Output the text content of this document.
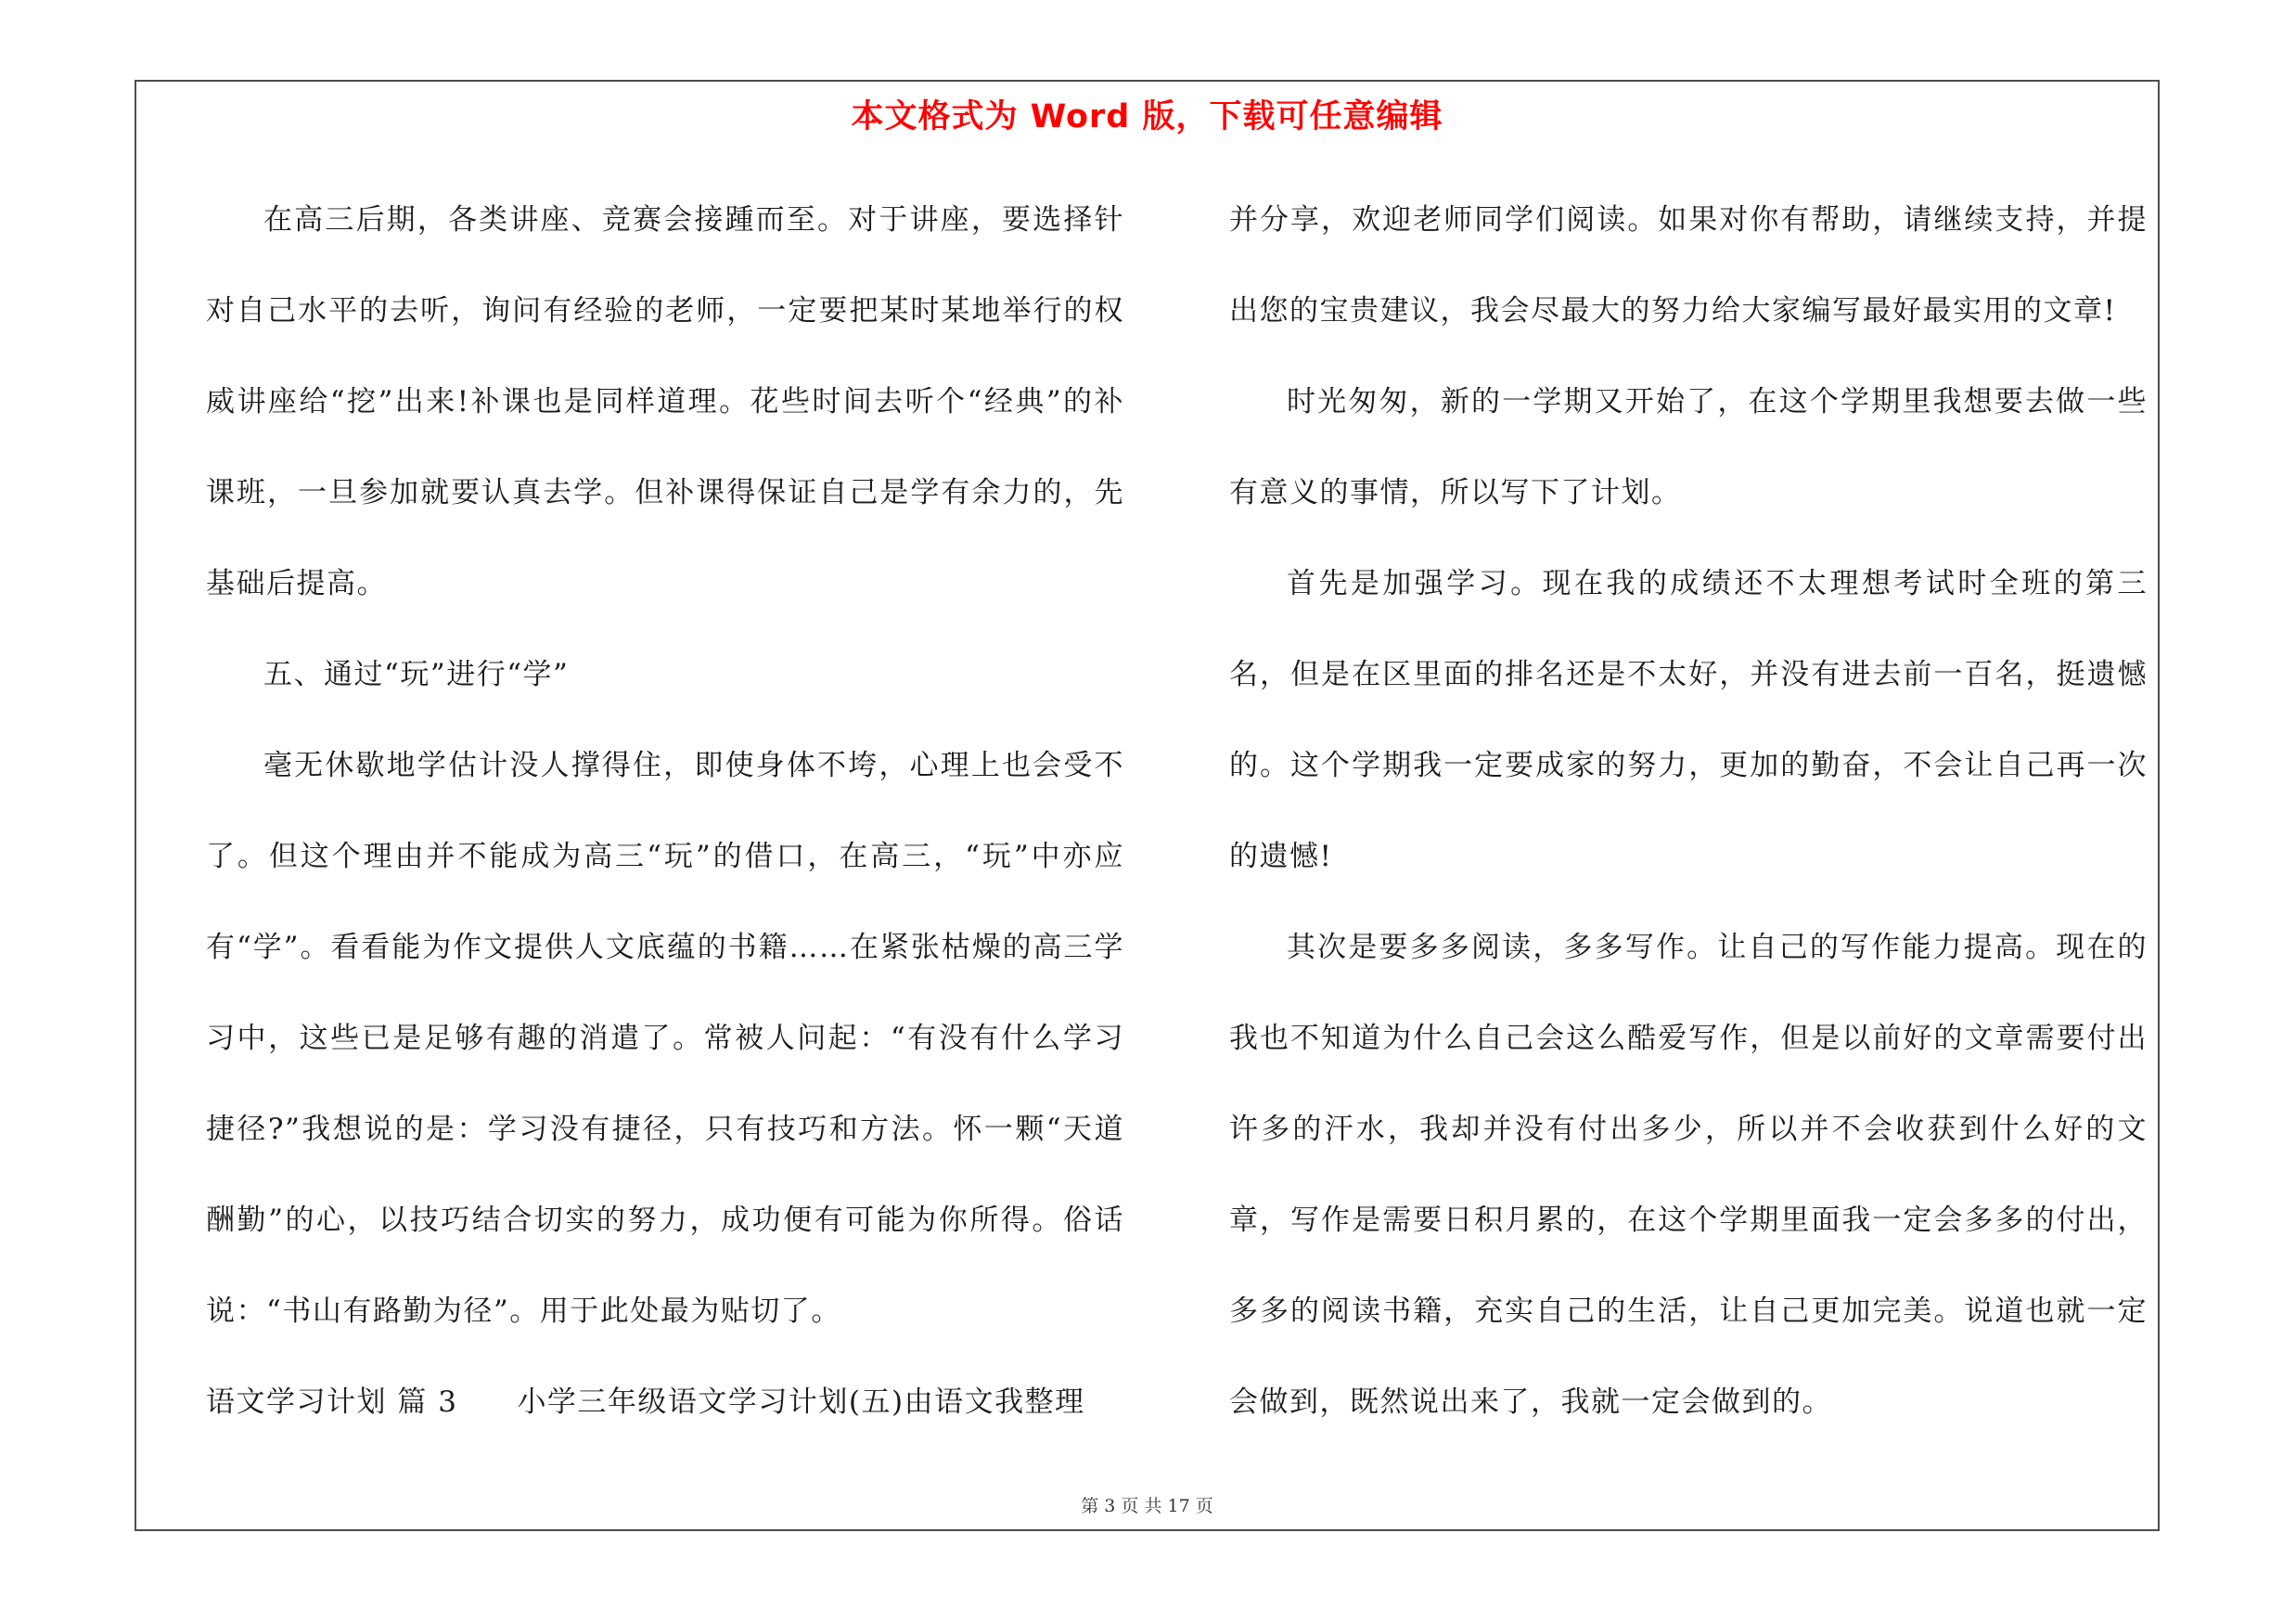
本文格式为 Word 版，下载可任意编辑

在高三后期，各类讲座、竞赛会接踵而至。对于讲座，要选择针对自己水平的去听，询问有经验的老师，一定要把某时某地举行的权威讲座给“挖”出来!补课也是同样道理。花些时间去听个“经典”的补课班，一旦参加就要认真去学。但补课得保证自己是学有余力的，先基础后提高。

五、通过“玩”进行“学”

毫无休歇地学估计没人撑得住，即使身体不垮，心理上也会受不了。但这个理由并不能成为高三“玩”的借口，在高三，“玩”中亦应有“学”。看看能为作文提供人文底蕴的书籍……在紧张枯燥的高三学习中，这些已是足够有趣的消遣了。常被人问起：“有没有什么学习捷径?”我想说的是：学习没有捷径，只有技巧和方法。怀一颗“天道酬勤”的心，以技巧结合切实的努力，成功便有可能为你所得。俗话说：“书山有路勤为径”。用于此处最为贴切了。

语文学习计划 篇 3 小学三年级语文学习计划(五)由语文我整理

并分享，欢迎老师同学们阅读。如果对你有帮助，请继续支持，并提出您的宝贵建议，我会尽最大的努力给大家编写最好最实用的文章!

时光匆匆，新的一学期又开始了，在这个学期里我想要去做一些有意义的事情，所以写下了计划。

首先是加强学习。现在我的成绩还不太理想考试时全班的第三名，但是在区里面的排名还是不太好，并没有进去前一百名，挺遗憾的。这个学期我一定要成家的努力，更加的勤奋，不会让自己再一次的遗憾!

其次是要多多阅读，多多写作。让自己的写作能力提高。现在的我也不知道为什么自己会这么酷爱写作，但是以前好的文章需要付出许多的汗水，我却并没有付出多少，所以并不会收获到什么好的文章，写作是需要日积月累的，在这个学期里面我一定会多多的付出，多多的阅读书籍，充实自己的生活，让自己更加完美。说道也就一定会做到，既然说出来了，我就一定会做到的。

第 3 页 共 17 页
